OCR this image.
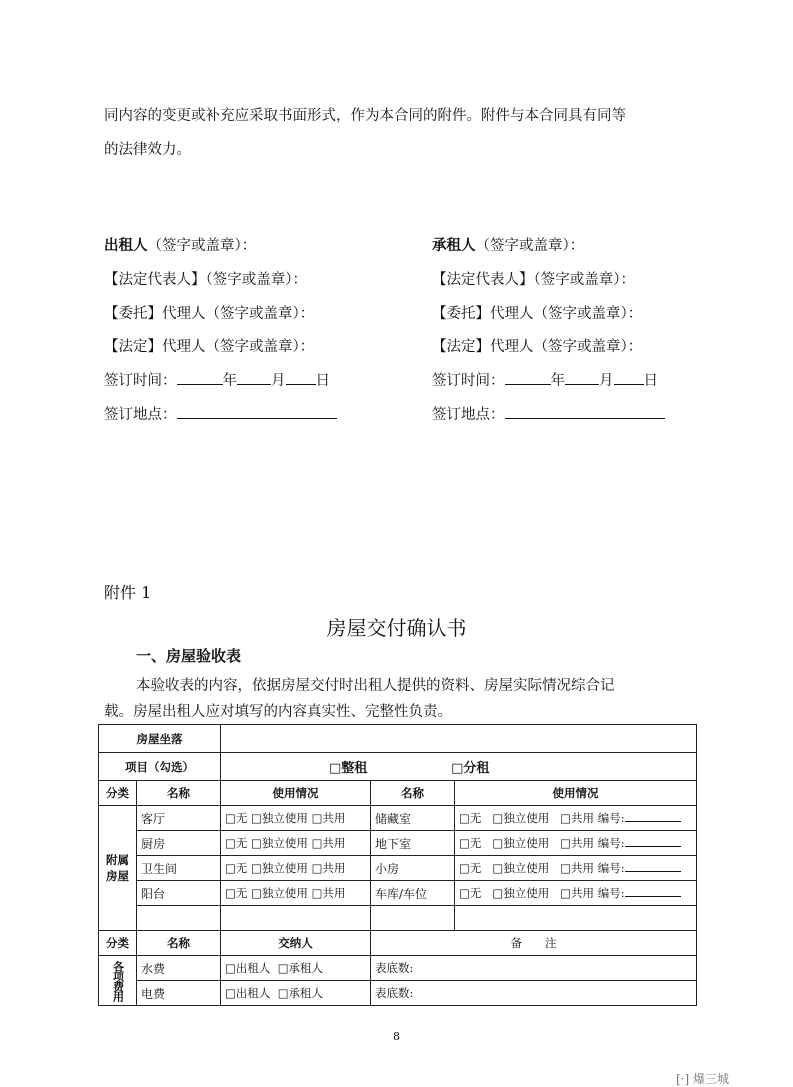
同内容的变更或补充应采取书面形式，作为本合同的附件。附件与本合同具有同等
的法律效力。
出租人（签字或盖章）：
【法定代表人】（签字或盖章）：
【委托】代理人（签字或盖章）：
【法定】代理人（签字或盖章）：
签订时间：	年 月 日
签订地点：
承租人（签字或盖章）：
【法定代表人】（签字或盖章）：
【委托】代理人（签字或盖章）：
【法定】代理人（签字或盖章）：
签订时间：	年 月 日
签订地点：
附件 1
房屋交付确认书
一、房屋验收表
本验收表的内容，依据房屋交付时出租人提供的资料、房屋实际情况综合记
载。房屋出租人应对填写的内容真实性、完整性负责。
房屋坐落				
项目（勾选）		□整租 □分租		
分类	名称	使用情况	名称	使用情况
附属房屋	客厅	□无 □独立使用 □共用	储藏室	□无 □独立使用 □共用 编号:
	厨房	□无 □独立使用 □共用	地下室	□无 □独立使用 □共用 编号:
	卫生间	□无 □独立使用 □共用	小房	□无 □独立使用 □共用 编号:
	阳台	□无 □独立使用 □共用	车库/车位	□无 □独立使用 □共用 编号:

分类	名称	交纳人	备　　注	

各项费用	水费	□出租人 □承租人	表底数:	
	电费	□出租人 □承租人	表底数:	
8
[·] 爆三城
